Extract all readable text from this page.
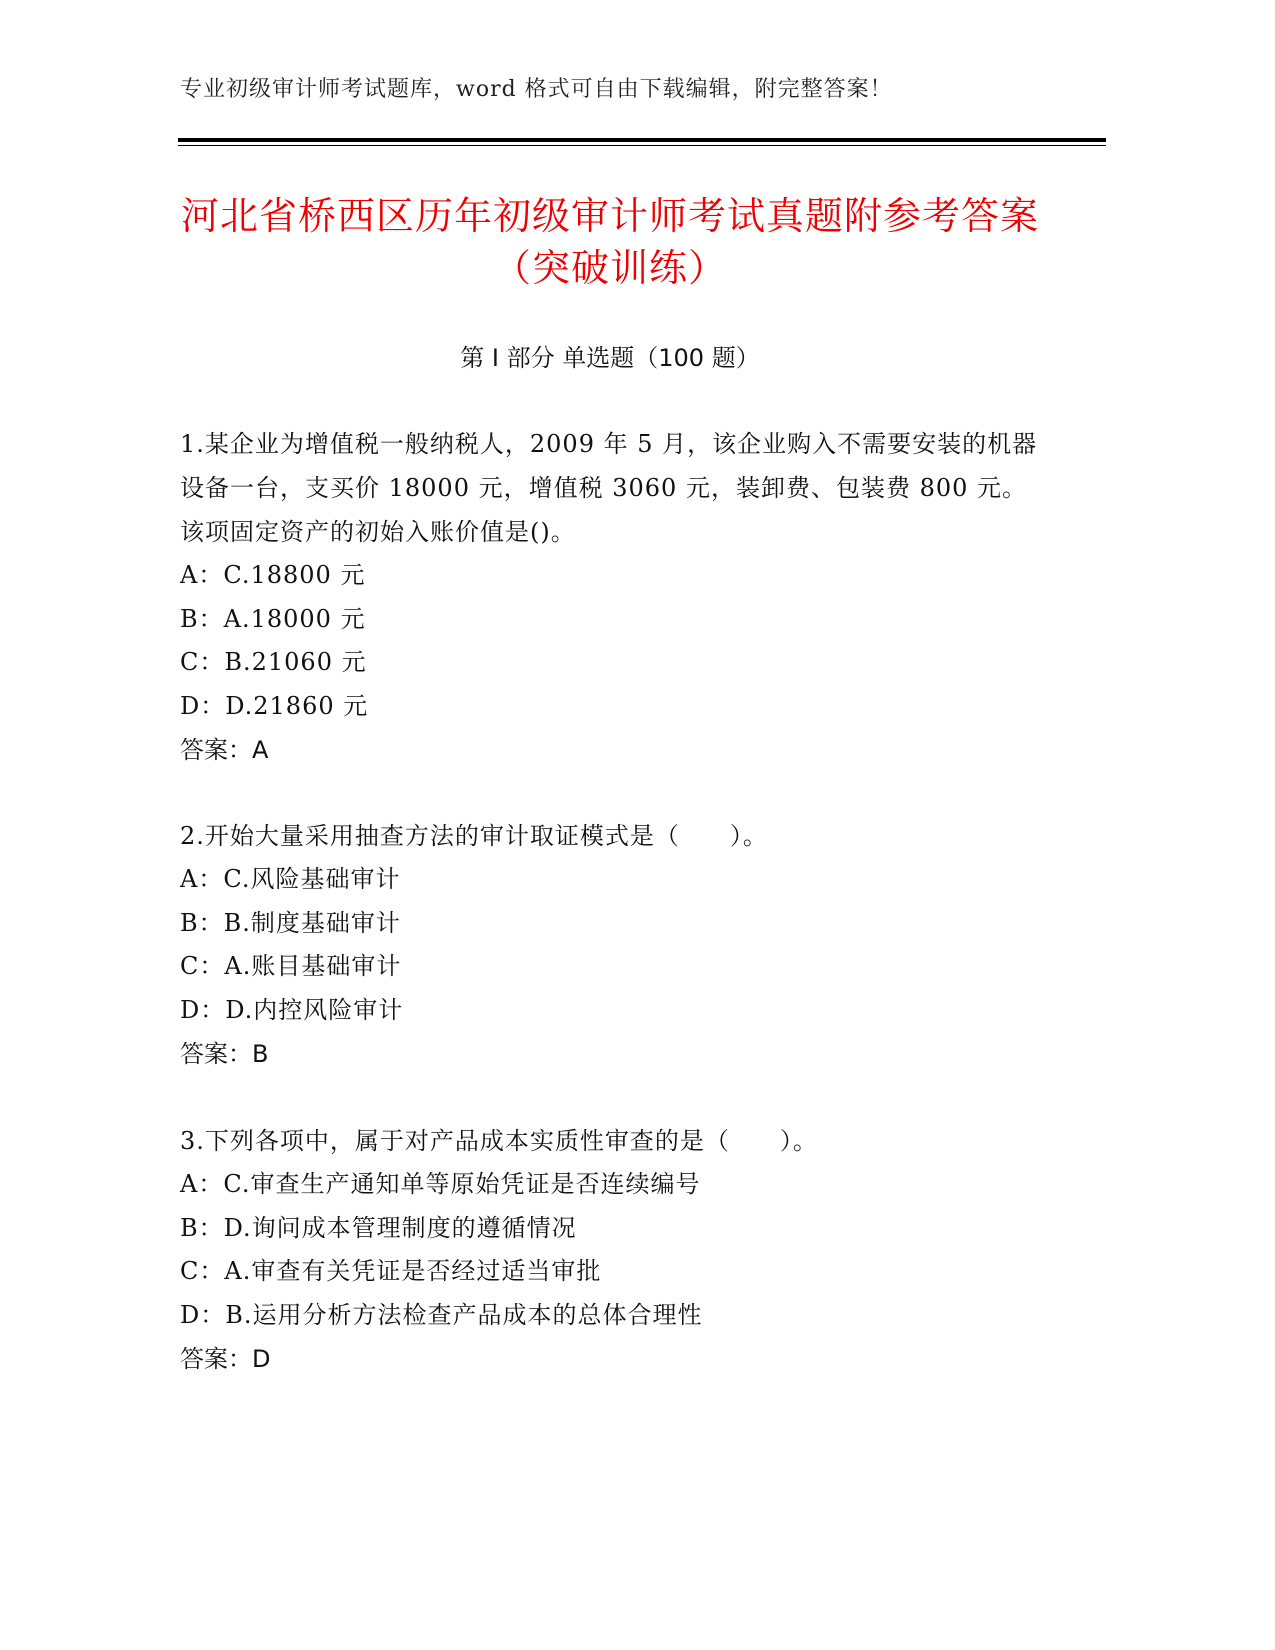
专业初级审计师考试题库，word 格式可自由下载编辑，附完整答案！
河北省桥西区历年初级审计师考试真题附参考答案（突破训练）
第 I 部分 单选题（100 题）
1.某企业为增值税一般纳税人，2009 年 5 月，该企业购入不需要安装的机器设备一台，支买价 18000 元，增值税 3060 元，装卸费、包装费 800 元。该项固定资产的初始入账价值是()。
A：C.18800 元
B：A.18000 元
C：B.21060 元
D：D.21860 元
答案：A
2.开始大量采用抽查方法的审计取证模式是（　　）。
A：C.风险基础审计
B：B.制度基础审计
C：A.账目基础审计
D：D.内控风险审计
答案：B
3.下列各项中，属于对产品成本实质性审查的是（　　）。
A：C.审查生产通知单等原始凭证是否连续编号
B：D.询问成本管理制度的遵循情况
C：A.审查有关凭证是否经过适当审批
D：B.运用分析方法检查产品成本的总体合理性
答案：D
